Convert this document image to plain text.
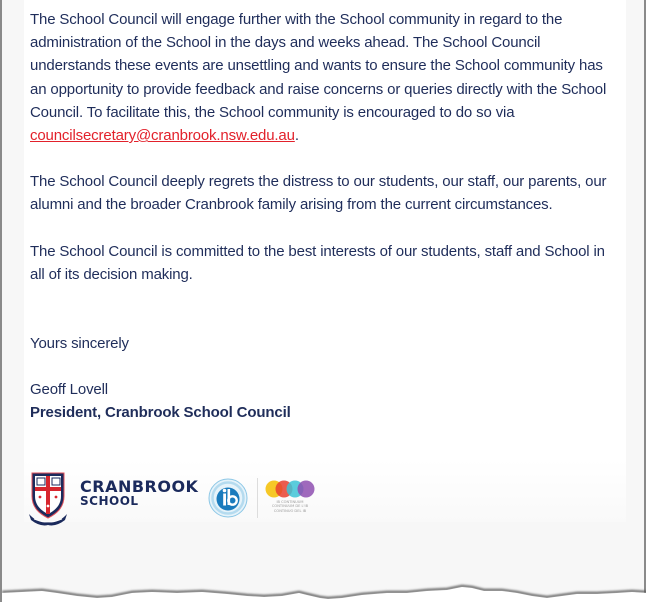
The School Council will engage further with the School community in regard to the administration of the School in the days and weeks ahead. The School Council understands these events are unsettling and wants to ensure the School community has an opportunity to provide feedback and raise concerns or queries directly with the School Council. To facilitate this, the School community is encouraged to do so via
councilsecretary@cranbrook.nsw.edu.au.

The School Council deeply regrets the distress to our students, our staff, our parents, our alumni and the broader Cranbrook family arising from the current circumstances.

The School Council is committed to the best interests of our students, staff and School in all of its decision making.

Yours sincerely

Geoff Lovell

President, Cranbrook School Council

CRANBROOK
SCHOOL	IB CONTINUUM
CONTINUUM DE L'IB
CONTINUO DEL IB
